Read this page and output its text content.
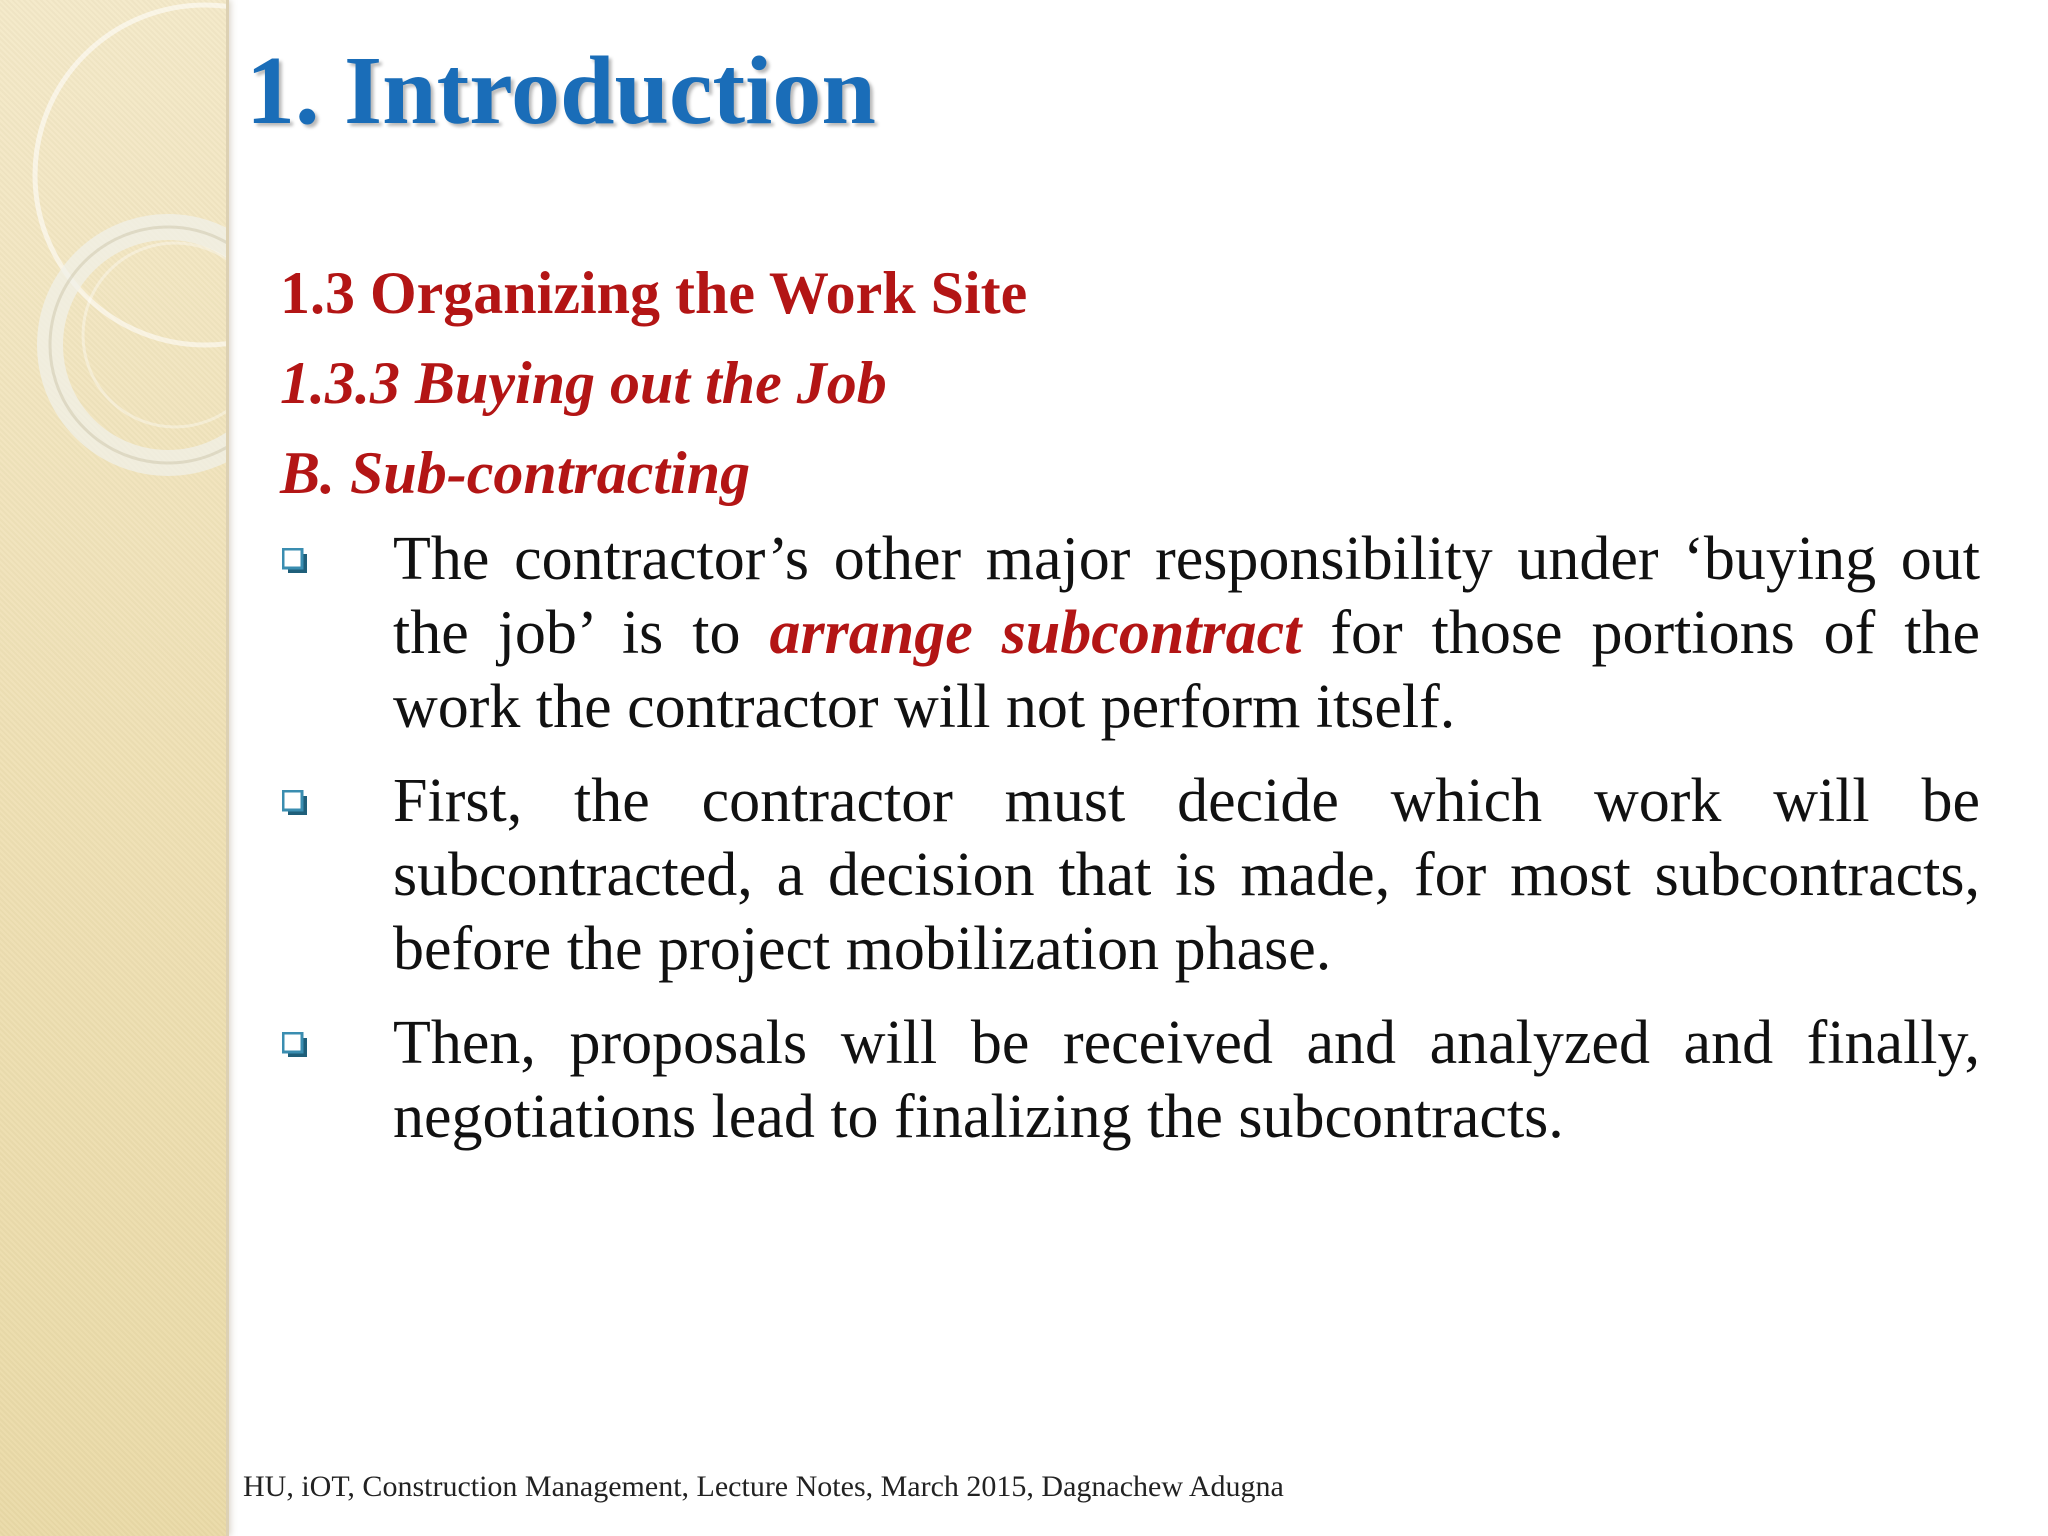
1. Introduction
1.3 Organizing the Work Site
1.3.3 Buying out the Job
B. Sub-contracting
The contractor’s other major responsibility under ‘buying out the job’ is to arrange subcontract for those portions of the work the contractor will not perform itself.
First, the contractor must decide which work will be subcontracted, a decision that is made, for most subcontracts, before the project mobilization phase.
Then, proposals will be received and analyzed and finally, negotiations lead to finalizing the subcontracts.
HU, iOT, Construction Management, Lecture Notes, March 2015, Dagnachew Adugna
